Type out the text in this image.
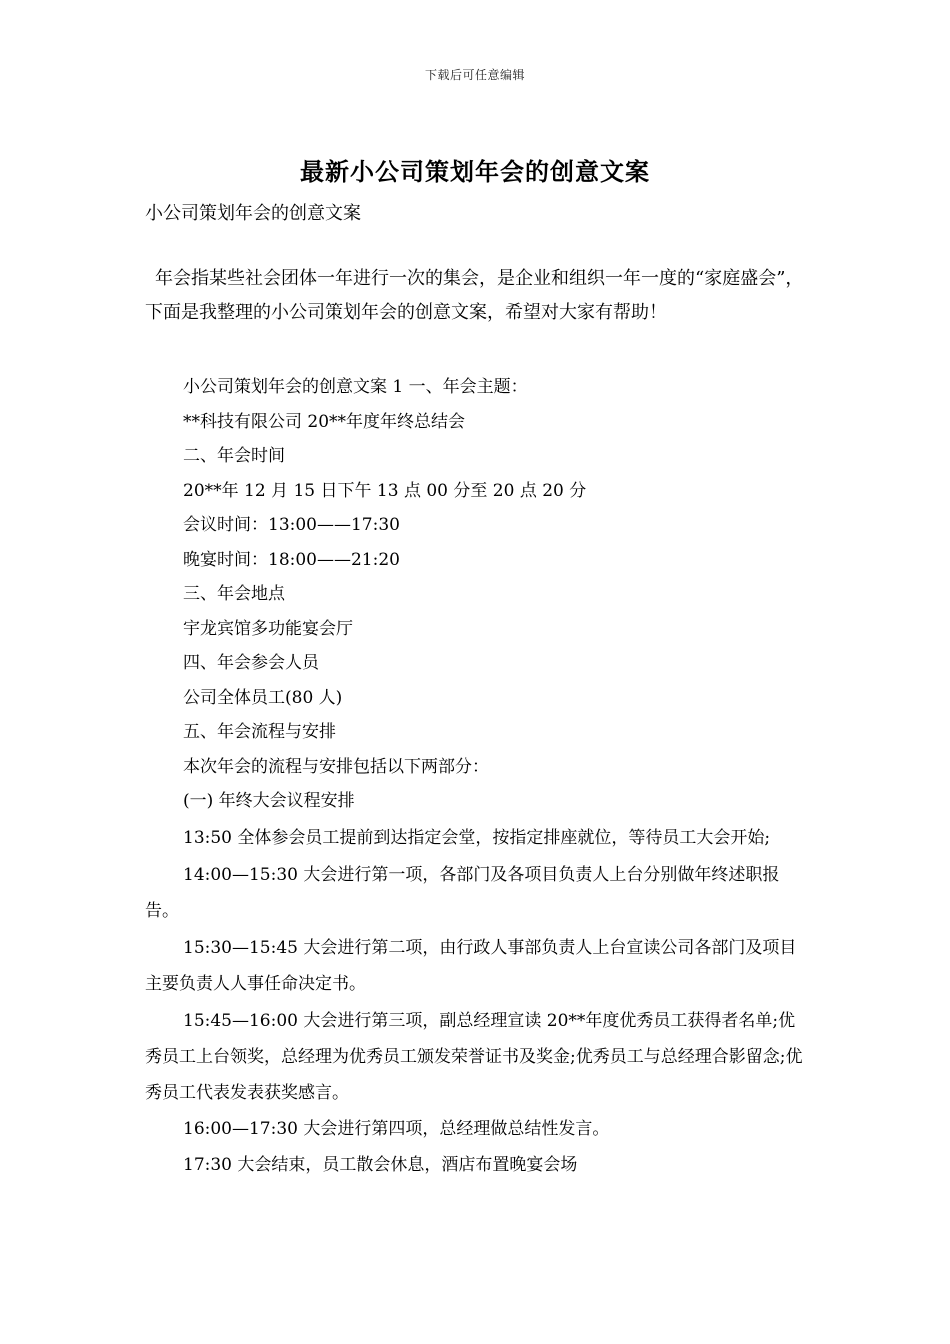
下载后可任意编辑
最新小公司策划年会的创意文案
小公司策划年会的创意文案
年会指某些社会团体一年进行一次的集会，是企业和组织一年一度的“家庭盛会”，下面是我整理的小公司策划年会的创意文案，希望对大家有帮助！
小公司策划年会的创意文案 1 一、年会主题：
**科技有限公司 20**年度年终总结会
二、年会时间
20**年 12 月 15 日下午 13 点 00 分至 20 点 20 分
会议时间：13:00——17:30
晚宴时间：18:00——21:20
三、年会地点
宇龙宾馆多功能宴会厅
四、年会参会人员
公司全体员工(80 人)
五、年会流程与安排
本次年会的流程与安排包括以下两部分：
(一) 年终大会议程安排
13:50 全体参会员工提前到达指定会堂，按指定排座就位，等待员工大会开始;
14:00—15:30 大会进行第一项，各部门及各项目负责人上台分别做年终述职报告。
15:30—15:45 大会进行第二项，由行政人事部负责人上台宣读公司各部门及项目主要负责人人事任命决定书。
15:45—16:00 大会进行第三项，副总经理宣读 20**年度优秀员工获得者名单;优秀员工上台领奖，总经理为优秀员工颁发荣誉证书及奖金;优秀员工与总经理合影留念;优秀员工代表发表获奖感言。
16:00—17:30 大会进行第四项，总经理做总结性发言。
17:30 大会结束，员工散会休息，酒店布置晚宴会场
